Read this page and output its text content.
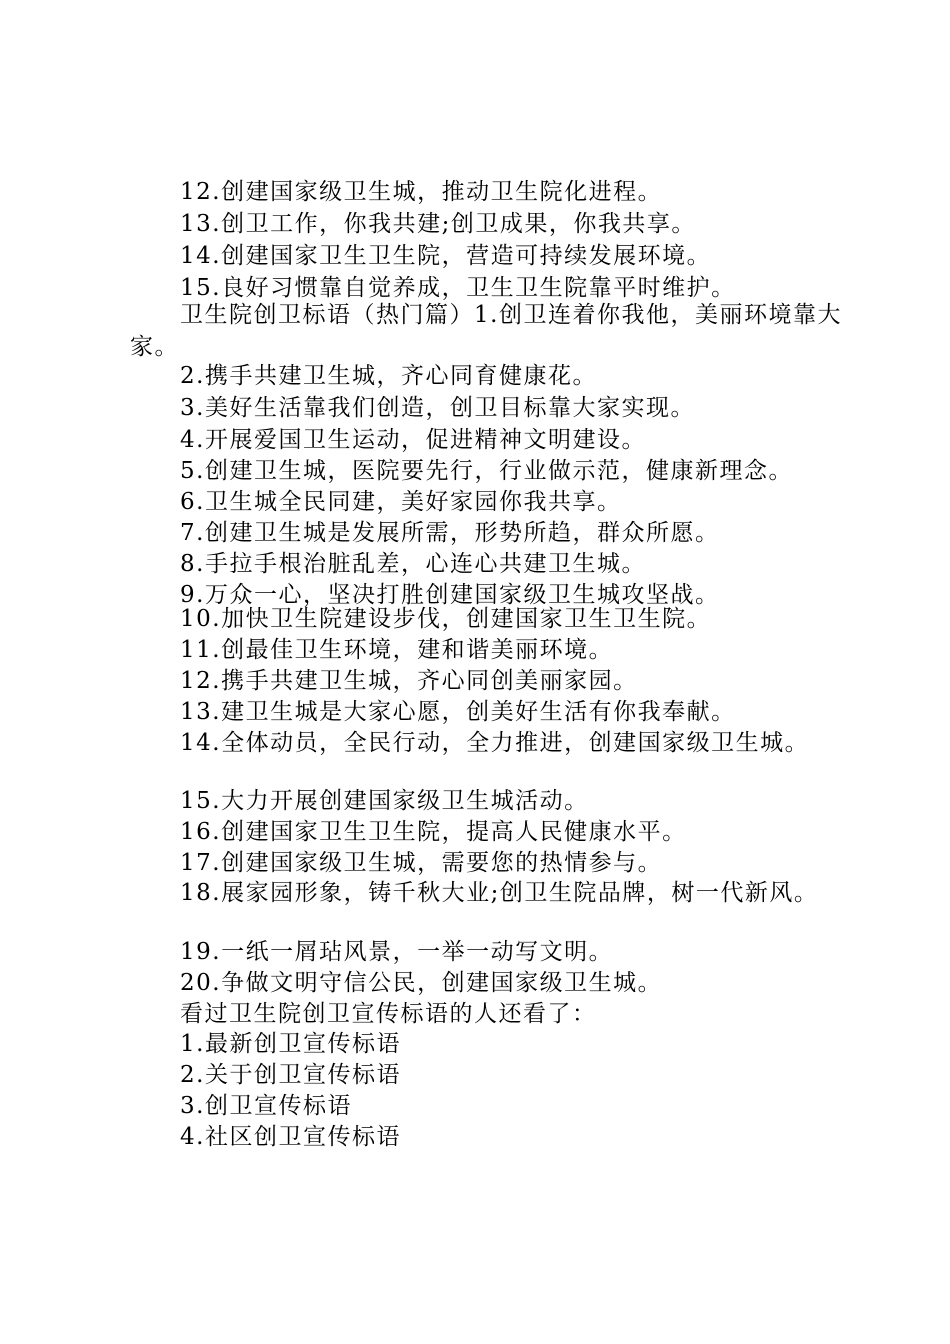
12.创建国家级卫生城，推动卫生院化进程。
13.创卫工作，你我共建;创卫成果，你我共享。
14.创建国家卫生卫生院，营造可持续发展环境。
15.良好习惯靠自觉养成，卫生卫生院靠平时维护。
卫生院创卫标语（热门篇）1.创卫连着你我他，美丽环境靠大家。
2.携手共建卫生城，齐心同育健康花。
3.美好生活靠我们创造，创卫目标靠大家实现。
4.开展爱国卫生运动，促进精神文明建设。
5.创建卫生城，医院要先行，行业做示范，健康新理念。
6.卫生城全民同建，美好家园你我共享。
7.创建卫生城是发展所需，形势所趋，群众所愿。
8.手拉手根治脏乱差，心连心共建卫生城。
9.万众一心，坚决打胜创建国家级卫生城攻坚战。
10.加快卫生院建设步伐，创建国家卫生卫生院。
11.创最佳卫生环境，建和谐美丽环境。
12.携手共建卫生城，齐心同创美丽家园。
13.建卫生城是大家心愿，创美好生活有你我奉献。
14.全体动员，全民行动，全力推进，创建国家级卫生城。
15.大力开展创建国家级卫生城活动。
16.创建国家卫生卫生院，提高人民健康水平。
17.创建国家级卫生城，需要您的热情参与。
18.展家园形象，铸千秋大业;创卫生院品牌，树一代新风。
19.一纸一屑玷风景，一举一动写文明。
20.争做文明守信公民，创建国家级卫生城。
看过卫生院创卫宣传标语的人还看了：
1.最新创卫宣传标语
2.关于创卫宣传标语
3.创卫宣传标语
4.社区创卫宣传标语
